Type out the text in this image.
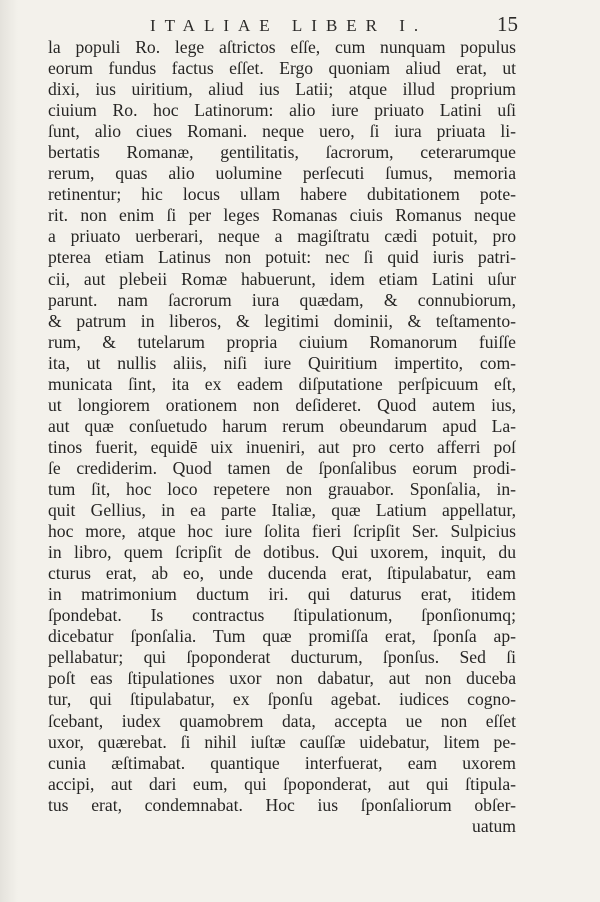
ITALIAE LIBER I.	15
la populi Ro. lege aſtrictos eſſe, cum nunquam populus
eorum fundus factus eſſet. Ergo quoniam aliud erat, ut
dixi, ius uiritium, aliud ius Latii; atque illud proprium
ciuium Ro. hoc Latinorum: alio iure priuato Latini uſi
ſunt, alio ciues Romani. neque uero, ſi iura priuata li-
bertatis Romanæ, gentilitatis, ſacrorum, ceterarumque
rerum, quas alio uolumine perſecuti ſumus, memoria
retinentur; hic locus ullam habere dubitationem pote-
rit. non enim ſi per leges Romanas ciuis Romanus neque
a priuato uerberari, neque a magiſtratu cædi potuit, pro
pterea etiam Latinus non potuit: nec ſi quid iuris patri-
cii, aut plebeii Romæ habuerunt, idem etiam Latini uſur
parunt. nam ſacrorum iura quædam, & connubiorum,
& patrum in liberos, & legitimi dominii, & teſtamento-
rum, & tutelarum propria ciuium Romanorum fuiſſe
ita, ut nullis aliis, niſi iure Quiritium impertito, com-
municata ſint, ita ex eadem diſputatione perſpicuum eſt,
ut longiorem orationem non deſideret. Quod autem ius,
aut quæ conſuetudo harum rerum obeundarum apud La-
tinos fuerit, equidē uix inueniri, aut pro certo afferri poſ
ſe crediderim. Quod tamen de ſponſalibus eorum prodi-
tum ſit, hoc loco repetere non grauabor. Sponſalia, in-
quit Gellius, in ea parte Italiæ, quæ Latium appellatur,
hoc more, atque hoc iure ſolita fieri ſcripſit Ser. Sulpicius
in libro, quem ſcripſit de dotibus. Qui uxorem, inquit, du
cturus erat, ab eo, unde ducenda erat, ſtipulabatur, eam
in matrimonium ductum iri. qui daturus erat, itidem
ſpondebat. Is contractus ſtipulationum, ſponſionumq;
dicebatur ſponſalia. Tum quæ promiſſa erat, ſponſa ap-
pellabatur; qui ſpoponderat ducturum, ſponſus. Sed ſi
poſt eas ſtipulationes uxor non dabatur, aut non duceba
tur, qui ſtipulabatur, ex ſponſu agebat. iudices cogno-
ſcebant, iudex quamobrem data, accepta ue non eſſet
uxor, quærebat. ſi nihil iuſtæ cauſſæ uidebatur, litem pe-
cunia æſtimabat. quantique interfuerat, eam uxorem
accipi, aut dari eum, qui ſpoponderat, aut qui ſtipula-
tus erat, condemnabat. Hoc ius ſponſaliorum obſer-
uatum
